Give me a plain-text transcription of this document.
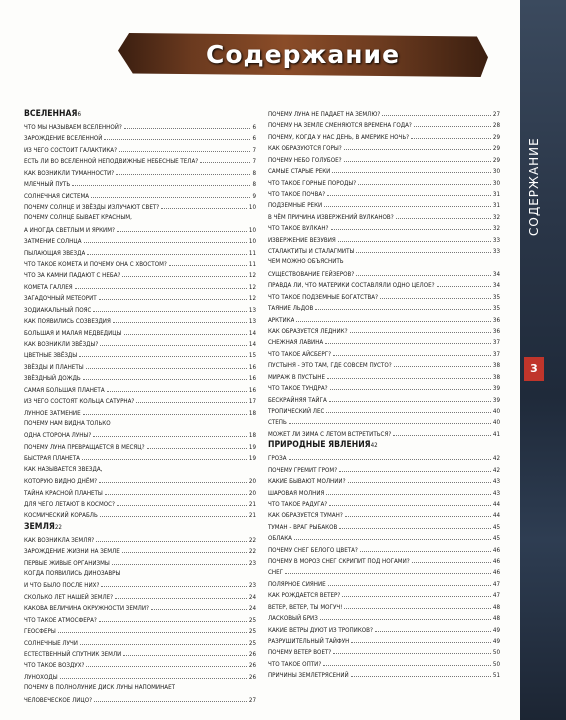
Содержание
СОДЕРЖАНИЕ
3
ВСЕЛЕННАЯ 6
ЧТО МЫ НАЗЫВАЕМ ВСЕЛЕННОЙ?	6
ЗАРОЖДЕНИЕ ВСЕЛЕННОЙ	6
ИЗ ЧЕГО СОСТОИТ ГАЛАКТИКА?	7
ЕСТЬ ЛИ ВО ВСЕЛЕННОЙ НЕПОДВИЖНЫЕ НЕБЕСНЫЕ ТЕЛА?	7
КАК ВОЗНИКЛИ ТУМАННОСТИ?	8
МЛЕЧНЫЙ ПУТЬ	8
СОЛНЕЧНАЯ СИСТЕМА	9
ПОЧЕМУ СОЛНЦЕ И ЗВЁЗДЫ ИЗЛУЧАЮТ СВЕТ?	10
ПОЧЕМУ СОЛНЦЕ БЫВАЕТ КРАСНЫМ,
А ИНОГДА СВЕТЛЫМ И ЯРКИМ?	10
ЗАТМЕНИЕ СОЛНЦА	10
ПЫЛАЮЩАЯ ЗВЕЗДА	11
ЧТО ТАКОЕ КОМЕТА И ПОЧЕМУ ОНА С ХВОСТОМ?	11
ЧТО ЗА КАМНИ ПАДАЮТ С НЕБА?	12
КОМЕТА ГАЛЛЕЯ	12
ЗАГАДОЧНЫЙ МЕТЕОРИТ	12
ЗОДИАКАЛЬНЫЙ ПОЯС	13
КАК ПОЯВИЛИСЬ СОЗВЕЗДИЯ	13
БОЛЬШАЯ И МАЛАЯ МЕДВЕДИЦЫ	14
КАК ВОЗНИКЛИ ЗВЁЗДЫ?	14
ЦВЕТНЫЕ ЗВЁЗДЫ	15
ЗВЁЗДЫ И ПЛАНЕТЫ	16
ЗВЁЗДНЫЙ ДОЖДЬ	16
САМАЯ БОЛЬШАЯ ПЛАНЕТА	16
ИЗ ЧЕГО СОСТОЯТ КОЛЬЦА САТУРНА?	17
ЛУННОЕ ЗАТМЕНИЕ	18
ПОЧЕМУ НАМ ВИДНА ТОЛЬКО
ОДНА СТОРОНА ЛУНЫ?	18
ПОЧЕМУ ЛУНА ПРЕВРАЩАЕТСЯ В МЕСЯЦ?	19
БЫСТРАЯ ПЛАНЕТА	19
КАК НАЗЫВАЕТСЯ ЗВЕЗДА,
КОТОРУЮ ВИДНО ДНЁМ?	20
ТАЙНА КРАСНОЙ ПЛАНЕТЫ	20
ДЛЯ ЧЕГО ЛЕТАЮТ В КОСМОС?	21
КОСМИЧЕСКИЙ КОРАБЛЬ	21
ЗЕМЛЯ 22
КАК ВОЗНИКЛА ЗЕМЛЯ?	22
ЗАРОЖДЕНИЕ ЖИЗНИ НА ЗЕМЛЕ	22
ПЕРВЫЕ ЖИВЫЕ ОРГАНИЗМЫ	23
КОГДА ПОЯВИЛИСЬ ДИНОЗАВРЫ
И ЧТО БЫЛО ПОСЛЕ НИХ?	23
СКОЛЬКО ЛЕТ НАШЕЙ ЗЕМЛЕ?	24
КАКОВА ВЕЛИЧИНА ОКРУЖНОСТИ ЗЕМЛИ?	24
ЧТО ТАКОЕ АТМОСФЕРА?	25
ГЕОСФЕРЫ	25
СОЛНЕЧНЫЕ ЛУЧИ	25
ЕСТЕСТВЕННЫЙ СПУТНИК ЗЕМЛИ	26
ЧТО ТАКОЕ ВОЗДУХ?	26
ЛУНОХОДЫ	26
ПОЧЕМУ В ПОЛНОЛУНИЕ ДИСК ЛУНЫ НАПОМИНАЕТ
ЧЕЛОВЕЧЕСКОЕ ЛИЦО?	27
ПОЧЕМУ ЛУНА НЕ ПАДАЕТ НА ЗЕМЛЮ?	27
ПОЧЕМУ НА ЗЕМЛЕ СМЕНЯЮТСЯ ВРЕМЕНА ГОДА?	28
ПОЧЕМУ, КОГДА У НАС ДЕНЬ, В АМЕРИКЕ НОЧЬ?	29
КАК ОБРАЗУЮТСЯ ГОРЫ?	29
ПОЧЕМУ НЕБО ГОЛУБОЕ?	29
САМЫЕ СТАРЫЕ РЕКИ	30
ЧТО ТАКОЕ ГОРНЫЕ ПОРОДЫ?	30
ЧТО ТАКОЕ ПОЧВА?	31
ПОДЗЕМНЫЕ РЕКИ	31
В ЧЁМ ПРИЧИНА ИЗВЕРЖЕНИЙ ВУЛКАНОВ?	32
ЧТО ТАКОЕ ВУЛКАН?	32
ИЗВЕРЖЕНИЕ ВЕЗУВИЯ	33
СТАЛАКТИТЫ И СТАЛАГМИТЫ	33
ЧЕМ МОЖНО ОБЪЯСНИТЬ
СУЩЕСТВОВАНИЕ ГЕЙЗЕРОВ?	34
ПРАВДА ЛИ, ЧТО МАТЕРИКИ СОСТАВЛЯЛИ ОДНО ЦЕЛОЕ?	34
ЧТО ТАКОЕ ПОДЗЕМНЫЕ БОГАТСТВА?	35
ТАЯНИЕ ЛЬДОВ	35
АРКТИКА	36
КАК ОБРАЗУЕТСЯ ЛЕДНИК?	36
СНЕЖНАЯ ЛАВИНА	37
ЧТО ТАКОЕ АЙСБЕРГ?	37
ПУСТЫНЯ - ЭТО ТАМ, ГДЕ СОВСЕМ ПУСТО?	38
МИРАЖ В ПУСТЫНЕ	38
ЧТО ТАКОЕ ТУНДРА?	39
БЕСКРАЙНЯЯ ТАЙГА	39
ТРОПИЧЕСКИЙ ЛЕС	40
СТЕПЬ	40
МОЖЕТ ЛИ ЗИМА С ЛЕТОМ ВСТРЕТИТЬСЯ?	41
ПРИРОДНЫЕ ЯВЛЕНИЯ 42
ГРОЗА	42
ПОЧЕМУ ГРЕМИТ ГРОМ?	42
КАКИЕ БЫВАЮТ МОЛНИИ?	43
ШАРОВАЯ МОЛНИЯ	43
ЧТО ТАКОЕ РАДУГА?	44
КАК ОБРАЗУЕТСЯ ТУМАН?	44
ТУМАН - ВРАГ РЫБАКОВ	45
ОБЛАКА	45
ПОЧЕМУ СНЕГ БЕЛОГО ЦВЕТА?	46
ПОЧЕМУ В МОРОЗ СНЕГ СКРИПИТ ПОД НОГАМИ?	46
СНЕГ	46
ПОЛЯРНОЕ СИЯНИЕ	47
КАК РОЖДАЕТСЯ ВЕТЕР?	47
ВЕТЕР, ВЕТЕР, ТЫ МОГУЧ!	48
ЛАСКОВЫЙ БРИЗ	48
КАКИЕ ВЕТРЫ ДУЮТ ИЗ ТРОПИКОВ?	49
РАЗРУШИТЕЛЬНЫЙ ТАЙФУН	49
ПОЧЕМУ ВЕТЕР ВОЕТ?	50
ЧТО ТАКОЕ ОПТИ?	50
ПРИЧИНЫ ЗЕМЛЕТРЯСЕНИЙ	51
